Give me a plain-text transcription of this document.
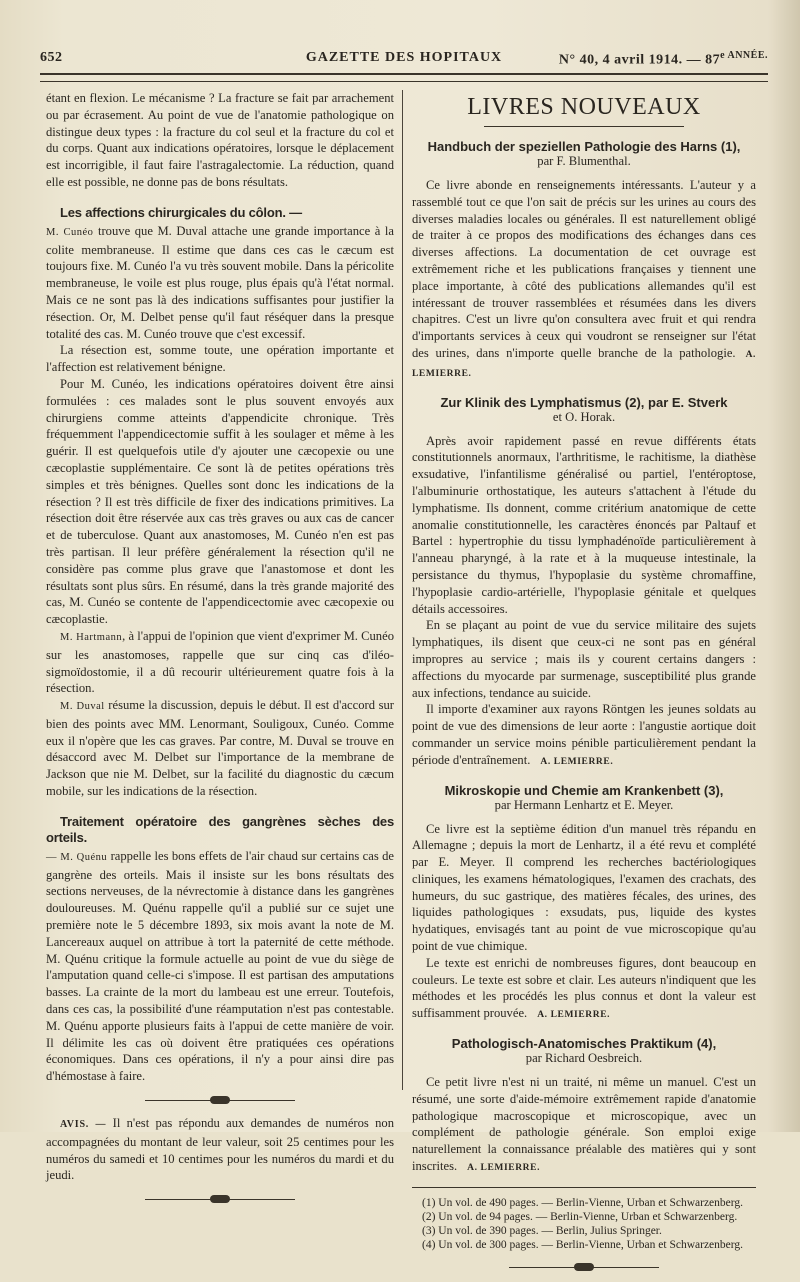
652	GAZETTE DES HOPITAUX	N° 40, 4 avril 1914. — $87^{e ANNÉE.}$

étant en flexion. Le mécanisme ? La fracture se fait par arrachement ou par écrasement. Au point de vue de l'anatomie pathologique on distingue deux types : la fracture du col seul et la fracture du col et du corps. Quant aux indications opératoires, lorsque le déplacement est incorrigible, il faut faire l'astragalectomie. La réduction, quand elle est possible, ne donne pas de bons résultats.

Les affections chirurgicales du côlon. —

M. Cunéo trouve que M. Duval attache une grande importance à la colite membraneuse. Il estime que dans ces cas le cæcum est toujours fixe. M. Cunéo l'a vu très souvent mobile. Dans la péricolite membraneuse, le voile est plus rouge, plus épais qu'à l'état normal. Mais ce ne sont pas là des indications suffisantes pour justifier la résection. Or, M. Delbet pense qu'il faut réséquer dans la presque totalité des cas. M. Cunéo trouve que c'est excessif.

La résection est, somme toute, une opération importante et l'affection est relativement bénigne.

Pour M. Cunéo, les indications opératoires doivent être ainsi formulées : ces malades sont le plus souvent envoyés aux chirurgiens comme atteints d'appendicite chronique. Très fréquemment l'appendicectomie suffit à les soulager et même à les guérir. Il est quelquefois utile d'y ajouter une cæcopexie ou une cæcoplastie supplémentaire. Ce sont là de petites opérations très simples et très bénignes. Quelles sont donc les indications de la résection ? Il est très difficile de fixer des indications primitives. La résection doit être réservée aux cas très graves ou aux cas de cancer et de tuberculose. Quant aux anastomoses, M. Cunéo n'en est pas très partisan. Il leur préfère généralement la résection qu'il ne considère pas comme plus grave que l'anastomose et dont les résultats sont plus sûrs. En résumé, dans la très grande majorité des cas, M. Cunéo se contente de l'appendicectomie avec cæcopexie ou cæcoplastie.

M. Hartmann, à l'appui de l'opinion que vient d'exprimer M. Cunéo sur les anastomoses, rappelle que sur cinq cas d'iléo-sigmoïdostomie, il a dû recourir ultérieurement quatre fois à la résection.

M. Duval résume la discussion, depuis le début. Il est d'accord sur bien des points avec MM. Lenormant, Souligoux, Cunéo. Comme eux il n'opère que les cas graves. Par contre, M. Duval se trouve en désaccord avec M. Delbet sur l'importance de la membrane de Jackson que nie M. Delbet, sur la facilité du diagnostic du cæcum mobile, sur les indications de la résection.

Traitement opératoire des gangrènes sèches des orteils.

— M. Quénu rappelle les bons effets de l'air chaud sur certains cas de gangrène des orteils. Mais il insiste sur les bons résultats des sections nerveuses, de la névrectomie à distance dans les gangrènes douloureuses. M. Quénu rappelle qu'il a publié sur ce sujet une première note le 5 décembre 1893, six mois avant la note de M. Lancereaux auquel on attribue à tort la paternité de cette méthode. M. Quénu critique la formule actuelle au point de vue du siège de l'amputation quand celle-ci s'impose. Il est partisan des amputations basses. La crainte de la mort du lambeau est une erreur. Toutefois, dans ces cas, la possibilité d'une réamputation n'est pas contestable. M. Quénu apporte plusieurs faits à l'appui de cette manière de voir. Il délimite les cas où doivent être pratiquées ces opérations économiques. Dans ces opérations, il n'y a pour ainsi dire pas d'hémostase à faire.

AVIS. — Il n'est pas répondu aux demandes de numéros non accompagnées du montant de leur valeur, soit 25 centimes pour les numéros du samedi et 10 centimes pour les numéros du mardi et du jeudi.

LIVRES NOUVEAUX
Handbuch der speziellen Pathologie des Harns (1),
par F. Blumenthal.

Ce livre abonde en renseignements intéressants. L'auteur y a rassemblé tout ce que l'on sait de précis sur les urines au cours des diverses maladies locales ou générales. Il est naturellement obligé de traiter à ce propos des modifications des échanges dans ces diverses affections. La documentation de cet ouvrage est extrêmement riche et les publications françaises y tiennent une place importante, à côté des publications allemandes qu'il est intéressant de trouver rassemblées et résumées dans les divers chapitres. C'est un livre qu'on consultera avec fruit et qui rendra d'importants services à ceux qui voudront se renseigner sur l'état des urines, dans n'importe quelle branche de la pathologie. A. LEMIERRE.

Zur Klinik des Lymphatismus (2), par E. Stverk
et O. Horak.

Après avoir rapidement passé en revue différents états constitutionnels anormaux, l'arthritisme, le rachitisme, la diathèse exsudative, l'infantilisme généralisé ou partiel, l'entéroptose, l'albuminurie orthostatique, les auteurs s'attachent à l'étude du lymphatisme. Ils donnent, comme critérium anatomique de cette anomalie constitutionnelle, les caractères énoncés par Paltauf et Bartel : hypertrophie du tissu lymphadénoïde particulièrement à l'anneau pharyngé, à la rate et à la muqueuse intestinale, la persistance du thymus, l'hypoplasie du système chromaffine, l'hypoplasie cardio-artérielle, l'hypoplasie génitale et quelques détails accessoires.

En se plaçant au point de vue du service militaire des sujets lymphatiques, ils disent que ceux-ci ne sont pas en général impropres au service ; mais ils y courent certains dangers : affections du myocarde par surmenage, susceptibilité plus grande aux infections, tendance au suicide.

Il importe d'examiner aux rayons Röntgen les jeunes soldats au point de vue des dimensions de leur aorte : l'angustie aortique doit commander un service moins pénible particulièrement pendant la période d'entraînement. A. LEMIERRE.

Mikroskopie und Chemie am Krankenbett (3),
par Hermann Lenhartz et E. Meyer.

Ce livre est la septième édition d'un manuel très répandu en Allemagne ; depuis la mort de Lenhartz, il a été revu et complété par E. Meyer. Il comprend les recherches bactériologiques cliniques, les examens hématologiques, l'examen des crachats, des humeurs, du suc gastrique, des matières fécales, des urines, des liquides pathologiques : exsudats, pus, liquide des kystes hydatiques, envisagés tant au point de vue microscopique qu'au point de vue chimique.

Le texte est enrichi de nombreuses figures, dont beaucoup en couleurs. Le texte est sobre et clair. Les auteurs n'indiquent que les méthodes et les procédés les plus connus et dont la valeur est suffisamment prouvée. A. LEMIERRE.

Pathologisch-Anatomisches Praktikum (4),
par Richard Oesbreich.

Ce petit livre n'est ni un traité, ni même un manuel. C'est un résumé, une sorte d'aide-mémoire extrêmement rapide d'anatomie pathologique macroscopique et microscopique, avec un complément de pathologie générale. Son emploi exige naturellement la connaissance préalable des matières qui y sont inscrites. A. LEMIERRE.

(1) Un vol. de 490 pages. — Berlin-Vienne, Urban et Schwarzenberg.
(2) Un vol. de 94 pages. — Berlin-Vienne, Urban et Schwarzenberg.
(3) Un vol. de 390 pages. — Berlin, Julius Springer.
(4) Un vol. de 300 pages. — Berlin-Vienne, Urban et Schwarzenberg.
